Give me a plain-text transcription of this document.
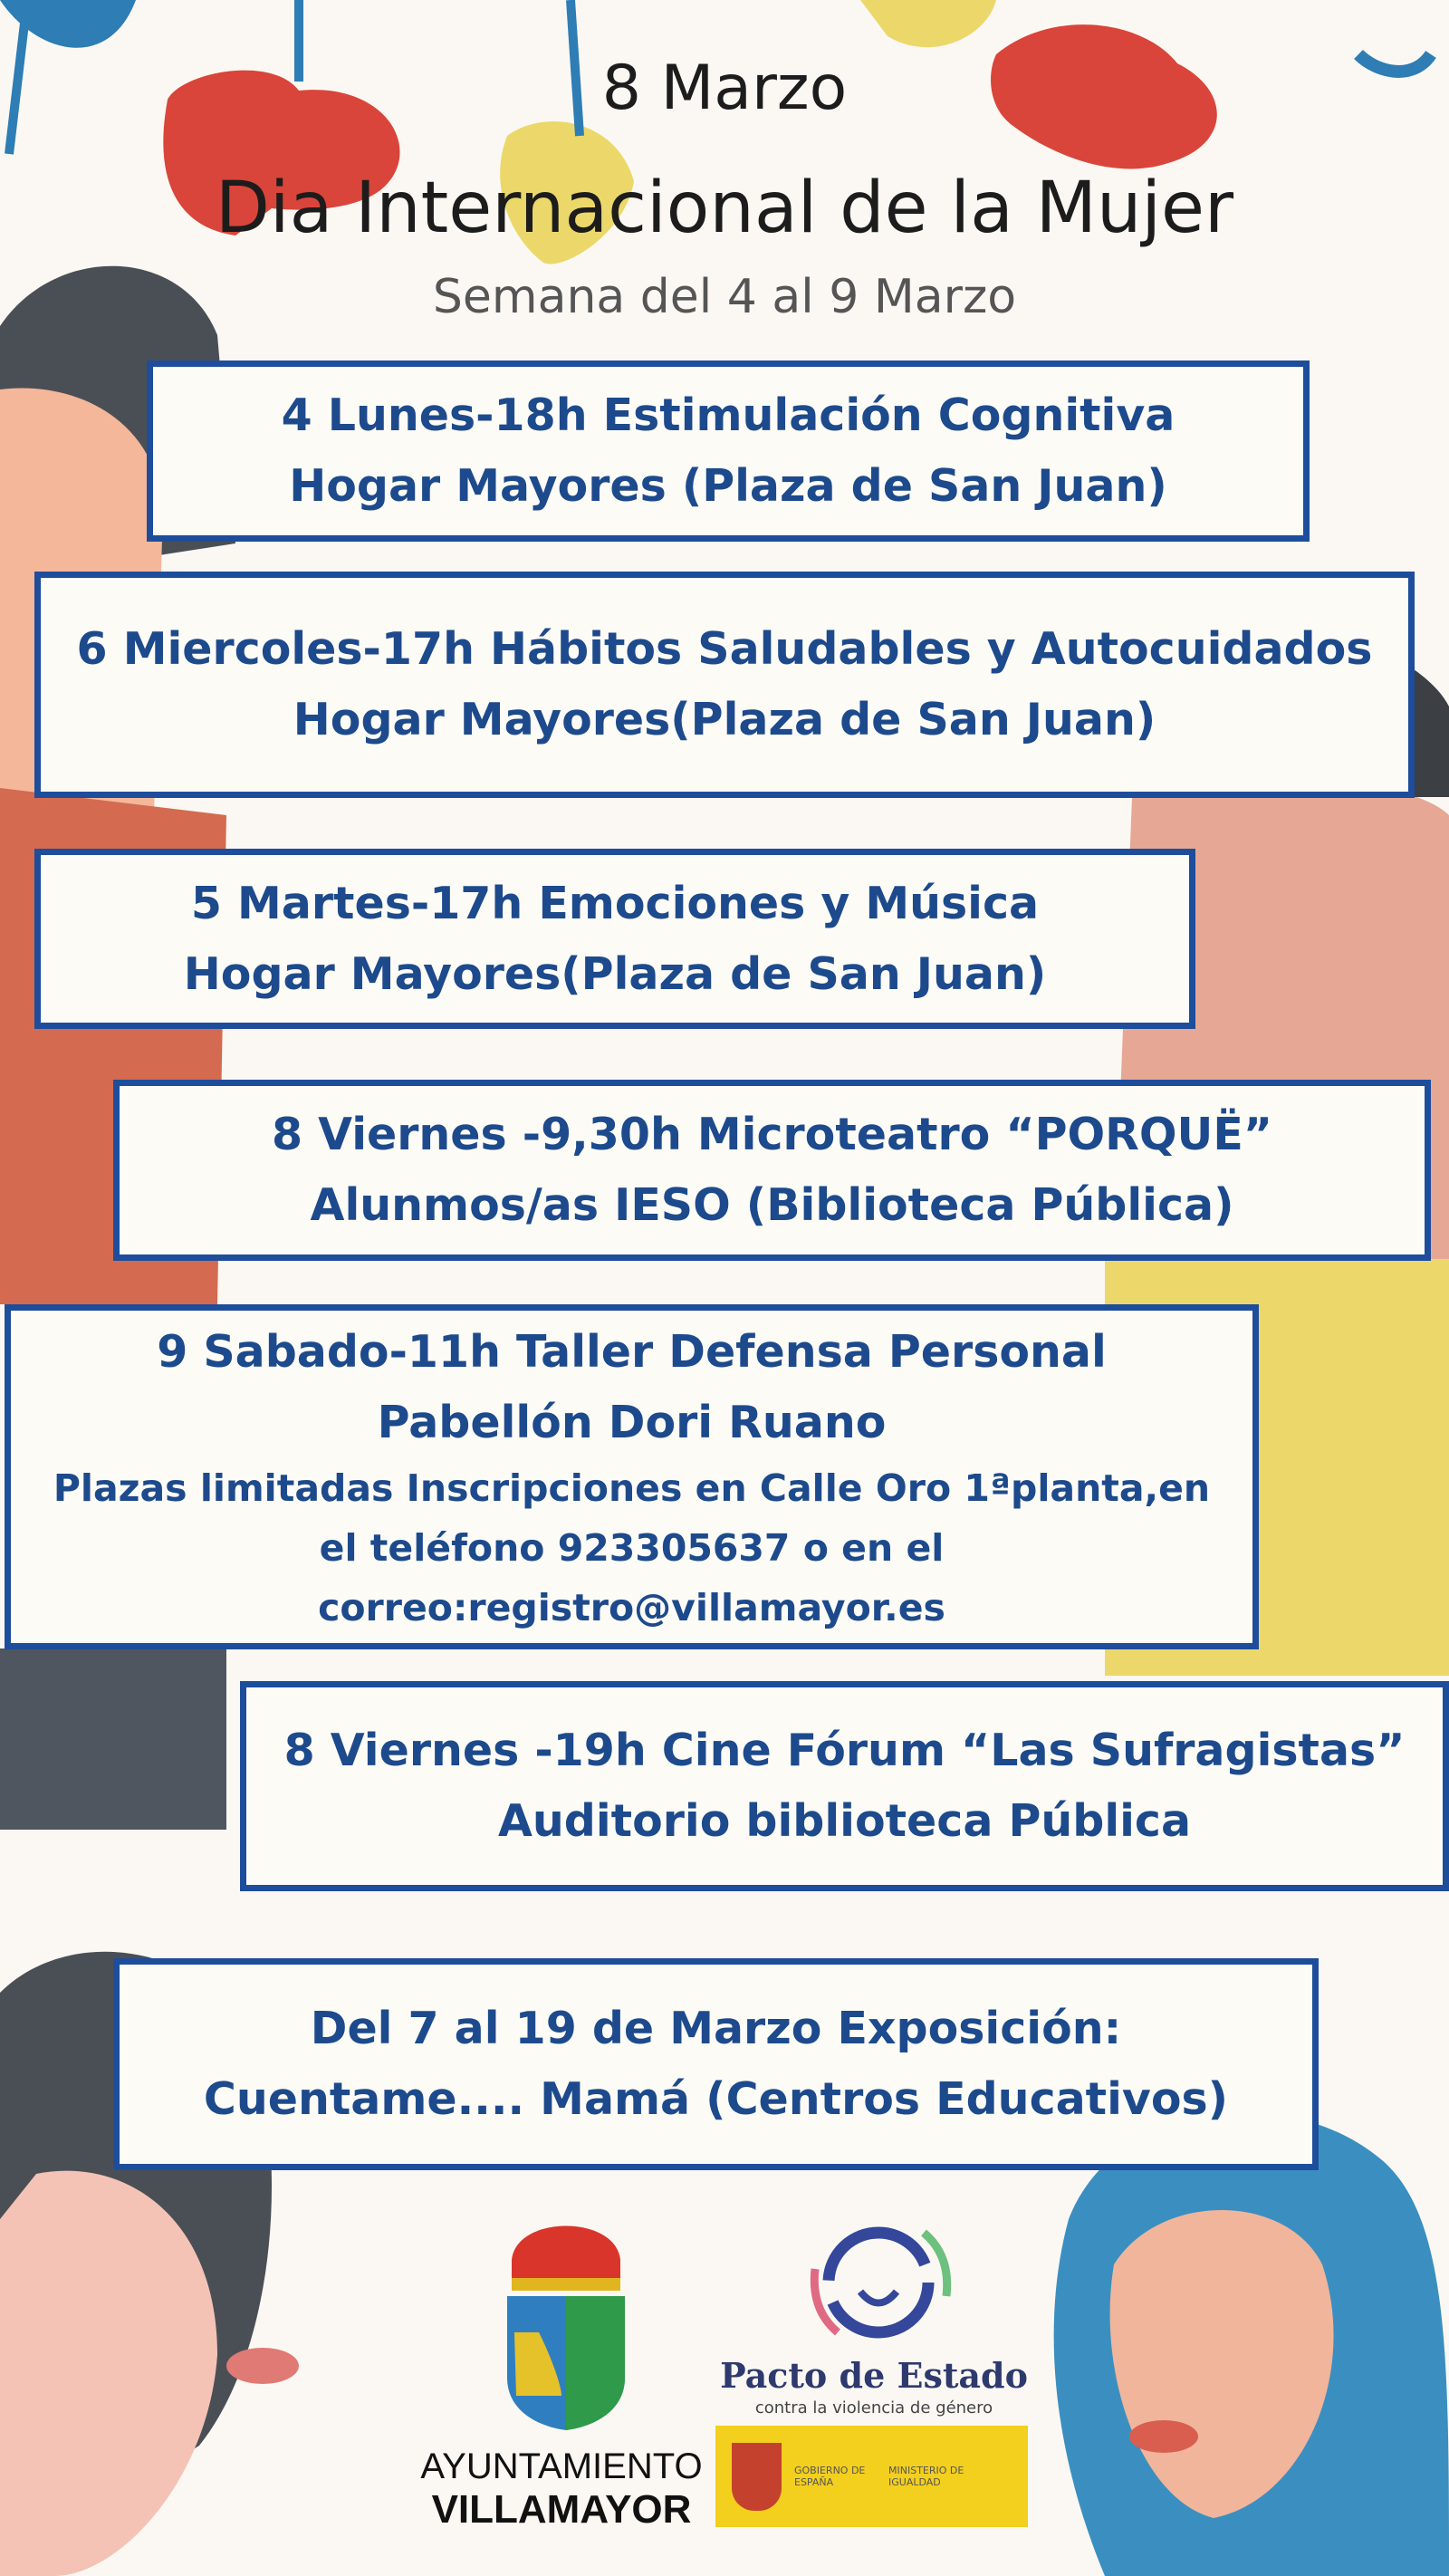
8 Marzo
Dia Internacional de la Mujer
Semana del 4 al 9 Marzo
4 Lunes-18h Estimulación Cognitiva
Hogar Mayores (Plaza de San Juan)
6 Miercoles-17h Hábitos Saludables y Autocuidados
Hogar Mayores(Plaza de San Juan)
5 Martes-17h Emociones y Música
Hogar Mayores(Plaza de San Juan)
8 Viernes -9,30h Microteatro “PORQUË”
Alunmos/as IESO (Biblioteca Pública)
9 Sabado-11h Taller Defensa Personal
Pabellón Dori Ruano
Plazas limitadas Inscripciones en Calle Oro 1ªplanta,en
el teléfono 923305637 o en el
correo:registro@villamayor.es
8 Viernes -19h Cine Fórum “Las Sufragistas”
Auditorio biblioteca Pública
Del 7 al 19 de Marzo Exposición:
Cuentame.... Mamá (Centros Educativos)
AYUNTAMIENTO
VILLAMAYOR
Pacto de Estado
contra la violencia de género
GOBIERNO DE ESPAÑA
MINISTERIO DE IGUALDAD
